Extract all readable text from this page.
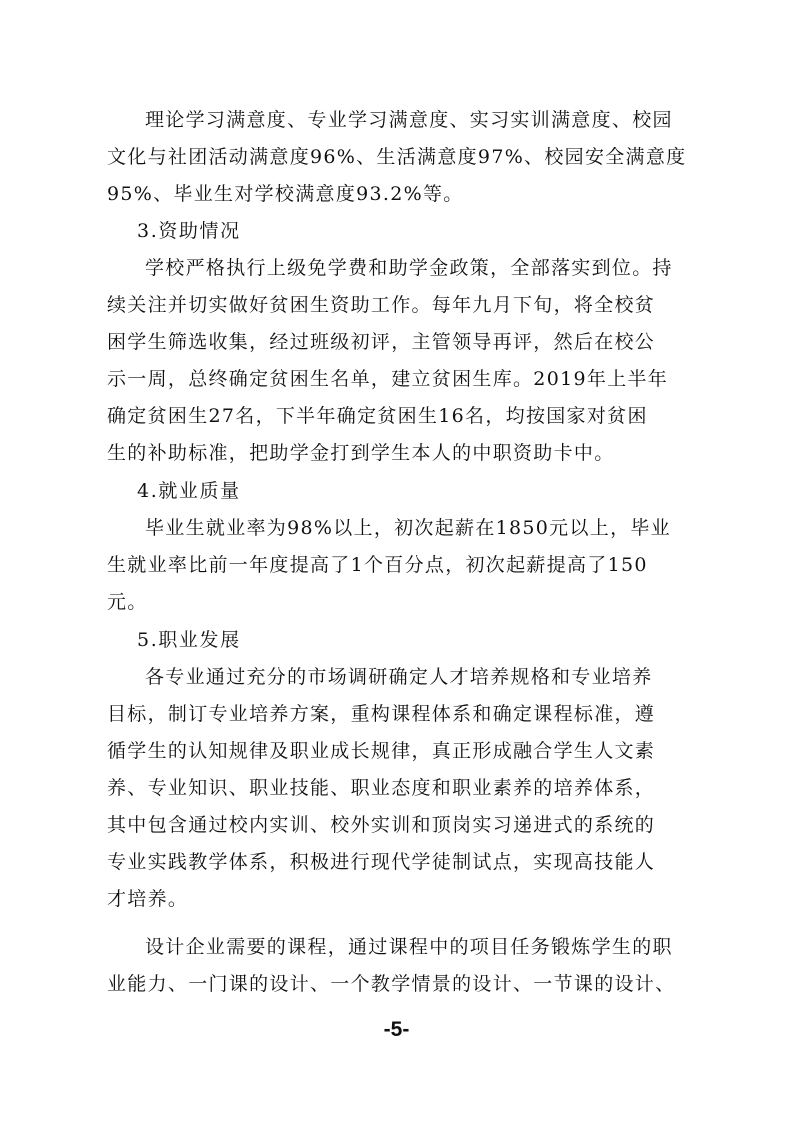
理论学习满意度、专业学习满意度、实习实训满意度、校园
文化与社团活动满意度96%、生活满意度97%、校园安全满意度
95%、毕业生对学校满意度93.2%等。
3.资助情况
学校严格执行上级免学费和助学金政策，全部落实到位。持
续关注并切实做好贫困生资助工作。每年九月下旬，将全校贫
困学生筛选收集，经过班级初评，主管领导再评，然后在校公
示一周，总终确定贫困生名单，建立贫困生库。2019年上半年
确定贫困生27名，下半年确定贫困生16名，均按国家对贫困
生的补助标准，把助学金打到学生本人的中职资助卡中。
4.就业质量
毕业生就业率为98%以上，初次起薪在1850元以上，毕业
生就业率比前一年度提高了1个百分点，初次起薪提高了150
元。
5.职业发展
各专业通过充分的市场调研确定人才培养规格和专业培养
目标，制订专业培养方案，重构课程体系和确定课程标准，遵
循学生的认知规律及职业成长规律，真正形成融合学生人文素
养、专业知识、职业技能、职业态度和职业素养的培养体系，
其中包含通过校内实训、校外实训和顶岗实习递进式的系统的
专业实践教学体系，积极进行现代学徒制试点，实现高技能人
才培养。
设计企业需要的课程，通过课程中的项目任务锻炼学生的职
业能力、一门课的设计、一个教学情景的设计、一节课的设计、
-5-
